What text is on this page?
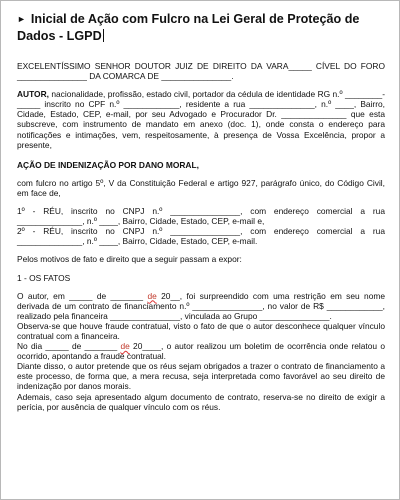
► Inicial de Ação com Fulcro na Lei Geral de Proteção de Dados - LGPD

EXCELENTÍSSIMO SENHOR DOUTOR JUIZ DE DIREITO DA VARA_____ CÍVEL DO FORO _______________ DA COMARCA DE _______________.

AUTOR, nacionalidade, profissão, estado civil, portador da cédula de identidade RG n.º ________- _____ inscrito no CPF n.º ____________, residente a rua ______________, n.º ____, Bairro, Cidade, Estado, CEP, e-mail, por seu Advogado e Procurador Dr. ______________ que esta subscreve, com instrumento de mandato em anexo (doc. 1), onde consta o endereço para notificações e intimações, vem, respeitosamente, à presença de Vossa Excelência, propor a presente,

AÇÃO DE INDENIZAÇÃO POR DANO MORAL,

com fulcro no artigo 5º, V da Constituição Federal e artigo 927, parágrafo único, do Código Civil, em face de,

1º - RÉU, inscrito no CNPJ n.º _______________, com endereço comercial a rua ______________, n.º ____, Bairro, Cidade, Estado, CEP, e-mail e,

2º - RÉU, inscrito no CNPJ n.º _______________, com endereço comercial a rua ______________, n.º ____, Bairro, Cidade, Estado, CEP, e-mail.

Pelos motivos de fato e direito que a seguir passam a expor:

1 - OS FATOS

O autor, em _____ de _______ de 20__, foi surpreendido com uma restrição em seu nome derivada de um contrato de financiamento n.º _______________, no valor de R$ ____________, realizado pela financeira _______________, vinculada ao Grupo _______________.

Observa-se que houve fraude contratual, visto o fato de que o autor desconhece qualquer vínculo contratual com a financeira.

No dia _____ de _______ de 20____, o autor realizou um boletim de ocorrência onde relatou o ocorrido, apontando a fraude contratual.

Diante disso, o autor pretende que os réus sejam obrigados a trazer o contrato de financiamento a este processo, de forma que, a mera recusa, seja interpretada como favorável ao seu direito de indenização por danos morais.

Ademais, caso seja apresentado algum documento de contrato, reserva-se no direito de exigir a perícia, por ausência de qualquer vínculo com os réus.
